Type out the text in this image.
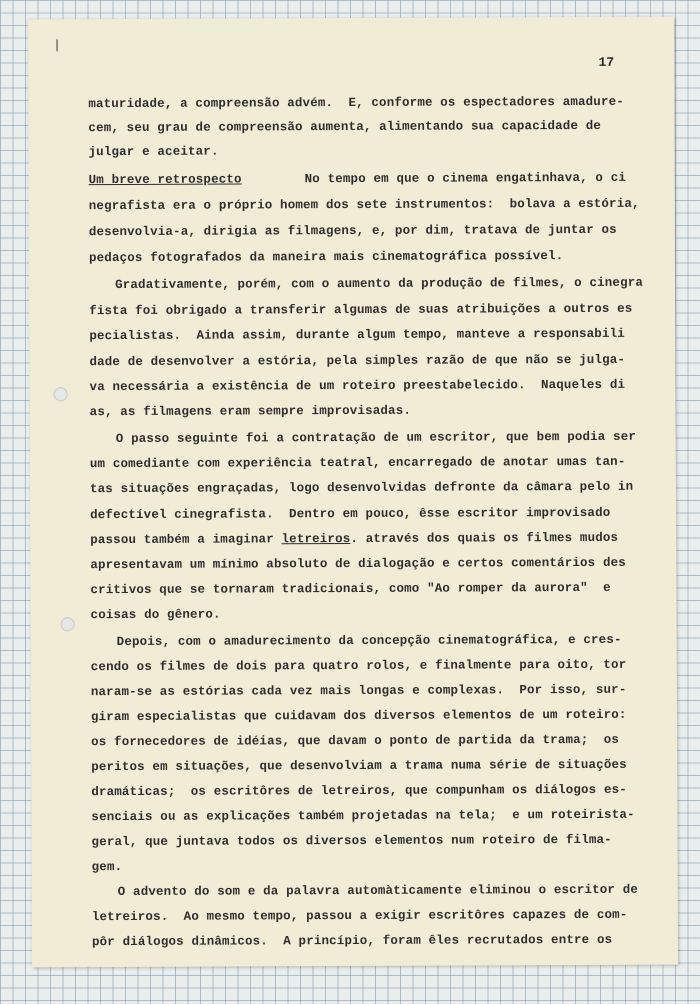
17
maturidade, a compreensão advém.  E, conforme os espectadores amadure-
cem, seu grau de compreensão aumenta, alimentando sua capacidade de
julgar e aceitar.
Um breve retrospecto	No tempo em que o cinema engatinhava, o ci
negrafista era o próprio homem dos sete instrumentos:  bolava a estória,
desenvolvia-a, dirigia as filmagens, e, por dim, tratava de juntar os
pedaços fotografados da maneira mais cinematográfica possível.
Gradativamente, porém, com o aumento da produção de filmes, o cinegra
fista foi obrigado a transferir algumas de suas atribuições a outros es
pecialistas.  Ainda assim, durante algum tempo, manteve a responsabili
dade de desenvolver a estória, pela simples razão de que não se julga-
va necessária a existência de um roteiro preestabelecido.  Naqueles di
as, as filmagens eram sempre improvisadas.
O passo seguinte foi a contratação de um escritor, que bem podia ser
um comediante com experiência teatral, encarregado de anotar umas tan-
tas situações engraçadas, logo desenvolvidas defronte da câmara pelo in
defectível cinegrafista.  Dentro em pouco, êsse escritor improvisado
passou também a imaginar letreiros. através dos quais os filmes mudos
apresentavam um mínimo absoluto de dialogação e certos comentários des
critivos que se tornaram tradicionais, como "Ao romper da aurora"  e
coisas do gênero.
Depois, com o amadurecimento da concepção cinematográfica, e cres-
cendo os filmes de dois para quatro rolos, e finalmente para oito, tor
naram-se as estórias cada vez mais longas e complexas.  Por isso, sur-
giram especialistas que cuidavam dos diversos elementos de um roteiro:
os fornecedores de idéias, que davam o ponto de partida da trama;  os
peritos em situações, que desenvolviam a trama numa série de situações
dramáticas;  os escritôres de letreiros, que compunham os diálogos es-
senciais ou as explicações também projetadas na tela;  e um roteirista-
geral, que juntava todos os diversos elementos num roteiro de filma-
gem.
O advento do som e da palavra automàticamente eliminou o escritor de
letreiros.  Ao mesmo tempo, passou a exigir escritôres capazes de com-
pôr diálogos dinâmicos.  A princípio, foram êles recrutados entre os
